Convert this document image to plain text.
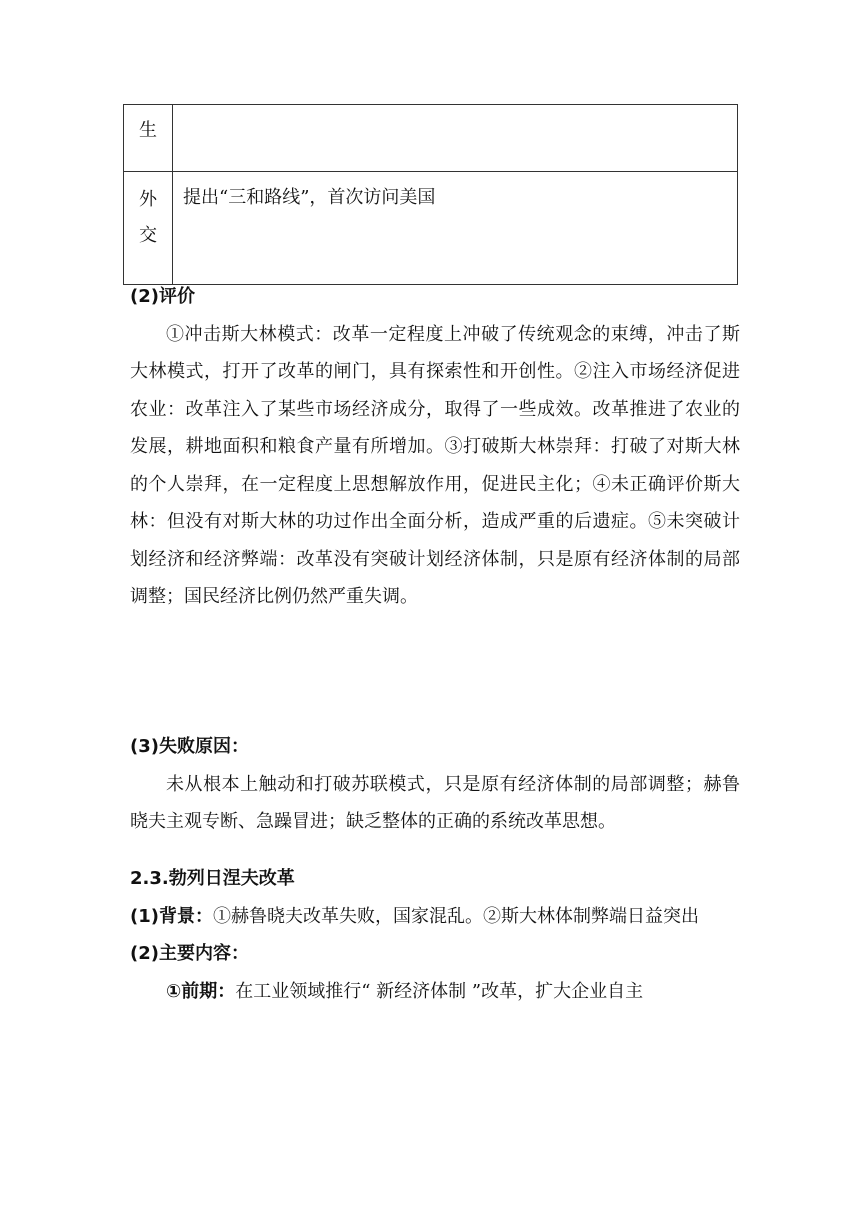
生	

外
交	提出“三和路线”，首次访问美国
(2)评价

①冲击斯大林模式：改革一定程度上冲破了传统观念的束缚，冲击了斯大林模式，打开了改革的闸门，具有探索性和开创性。②注入市场经济促进农业：改革注入了某些市场经济成分，取得了一些成效。改革推进了农业的发展，耕地面积和粮食产量有所增加。③打破斯大林崇拜：打破了对斯大林的个人崇拜，在一定程度上思想解放作用，促进民主化；④未正确评价斯大林：但没有对斯大林的功过作出全面分析，造成严重的后遗症。⑤未突破计划经济和经济弊端：改革没有突破计划经济体制，只是原有经济体制的局部调整；国民经济比例仍然严重失调。

(3)失败原因：

未从根本上触动和打破苏联模式，只是原有经济体制的局部调整；赫鲁晓夫主观专断、急躁冒进；缺乏整体的正确的系统改革思想。

2.3.勃列日涅夫改革

(1)背景：①赫鲁晓夫改革失败，国家混乱。②斯大林体制弊端日益突出

(2)主要内容：

①前期：在工业领域推行“ 新经济体制 ”改革，扩大企业自主
